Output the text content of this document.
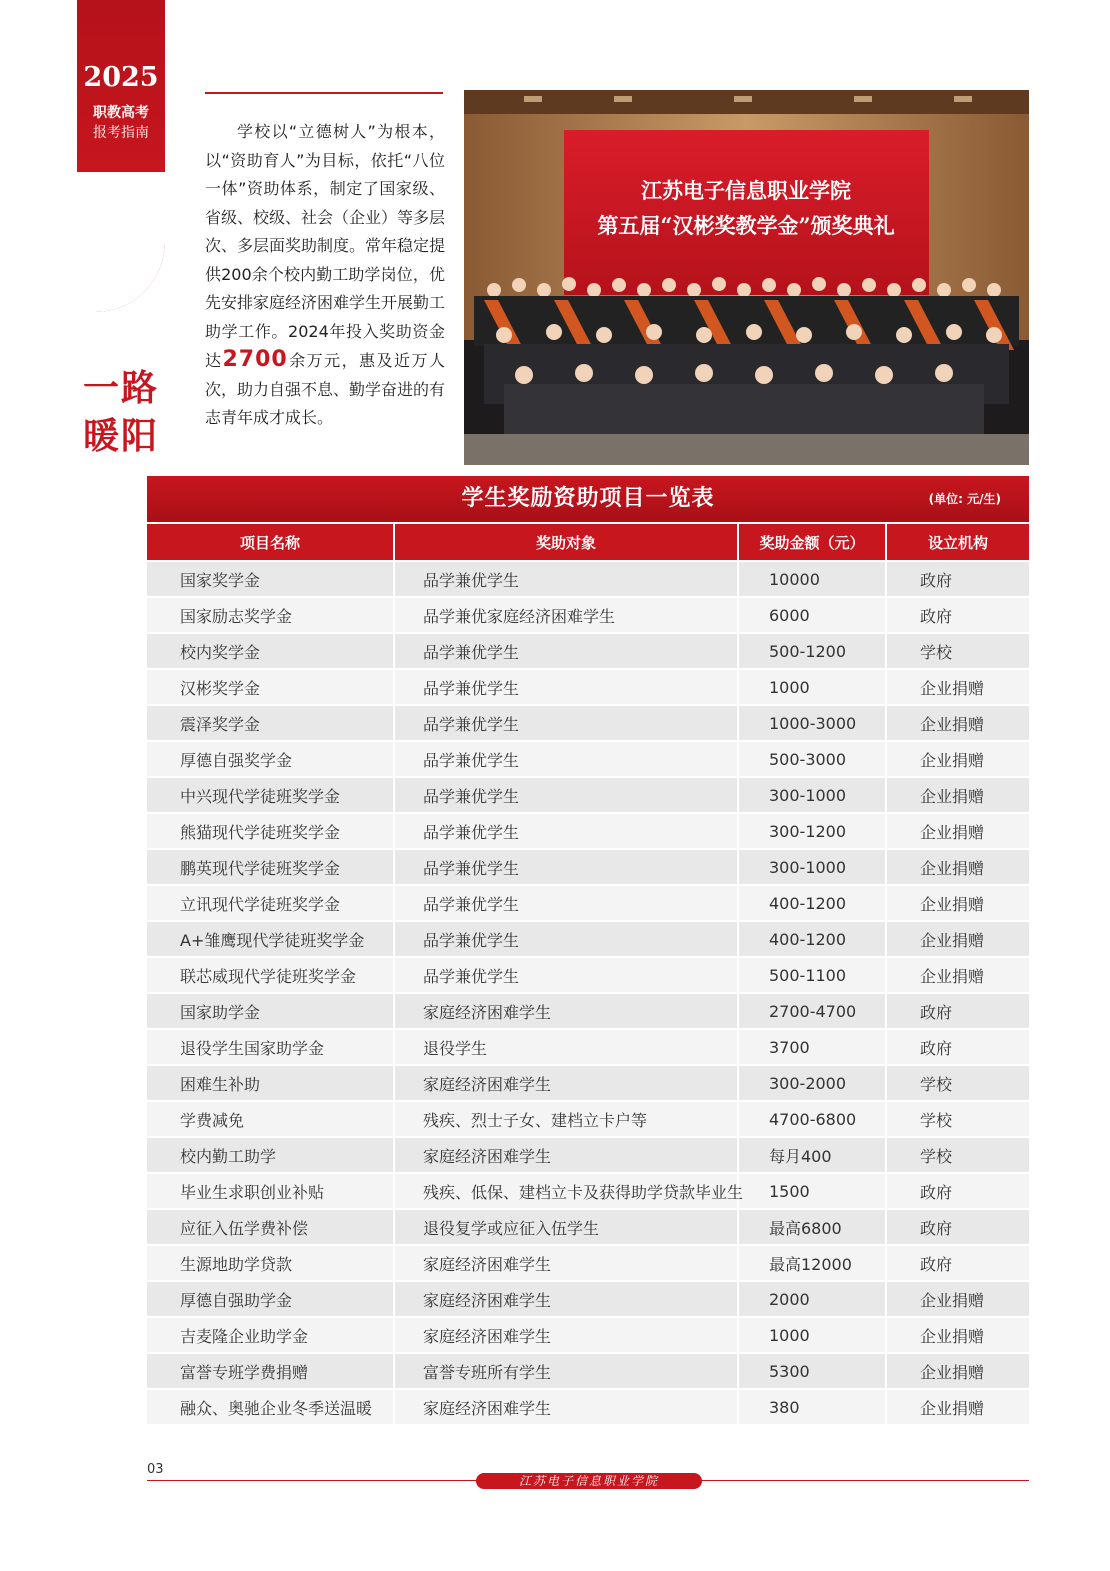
2025
职教高考
报考指南
一路
暖阳
学校以“立德树人”为根本，以“资助育人”为目标，依托“八位一体”资助体系，制定了国家级、省级、校级、社会（企业）等多层次、多层面奖助制度。常年稳定提供200余个校内勤工助学岗位，优先安排家庭经济困难学生开展勤工助学工作。2024年投入奖助资金达2700余万元，惠及近万人次，助力自强不息、勤学奋进的有志青年成才成长。
江苏电子信息职业学院
第五届“汉彬奖教学金”颁奖典礼
学生奖励资助项目一览表	(单位: 元/生)
项目名称	奖助对象	奖助金额（元）	设立机构
国家奖学金	品学兼优学生	10000	政府
国家励志奖学金	品学兼优家庭经济困难学生	6000	政府
校内奖学金	品学兼优学生	500-1200	学校
汉彬奖学金	品学兼优学生	1000	企业捐赠
震泽奖学金	品学兼优学生	1000-3000	企业捐赠
厚德自强奖学金	品学兼优学生	500-3000	企业捐赠
中兴现代学徒班奖学金	品学兼优学生	300-1000	企业捐赠
熊猫现代学徒班奖学金	品学兼优学生	300-1200	企业捐赠
鹏英现代学徒班奖学金	品学兼优学生	300-1000	企业捐赠
立讯现代学徒班奖学金	品学兼优学生	400-1200	企业捐赠
A+雏鹰现代学徒班奖学金	品学兼优学生	400-1200	企业捐赠
联芯威现代学徒班奖学金	品学兼优学生	500-1100	企业捐赠
国家助学金	家庭经济困难学生	2700-4700	政府
退役学生国家助学金	退役学生	3700	政府
困难生补助	家庭经济困难学生	300-2000	学校
学费减免	残疾、烈士子女、建档立卡户等	4700-6800	学校
校内勤工助学	家庭经济困难学生	每月400	学校
毕业生求职创业补贴	残疾、低保、建档立卡及获得助学贷款毕业生	1500	政府
应征入伍学费补偿	退役复学或应征入伍学生	最高6800	政府
生源地助学贷款	家庭经济困难学生	最高12000	政府
厚德自强助学金	家庭经济困难学生	2000	企业捐赠
吉麦隆企业助学金	家庭经济困难学生	1000	企业捐赠
富誉专班学费捐赠	富誉专班所有学生	5300	企业捐赠
融众、奥驰企业冬季送温暖	家庭经济困难学生	380	企业捐赠
03
江苏电子信息职业学院
